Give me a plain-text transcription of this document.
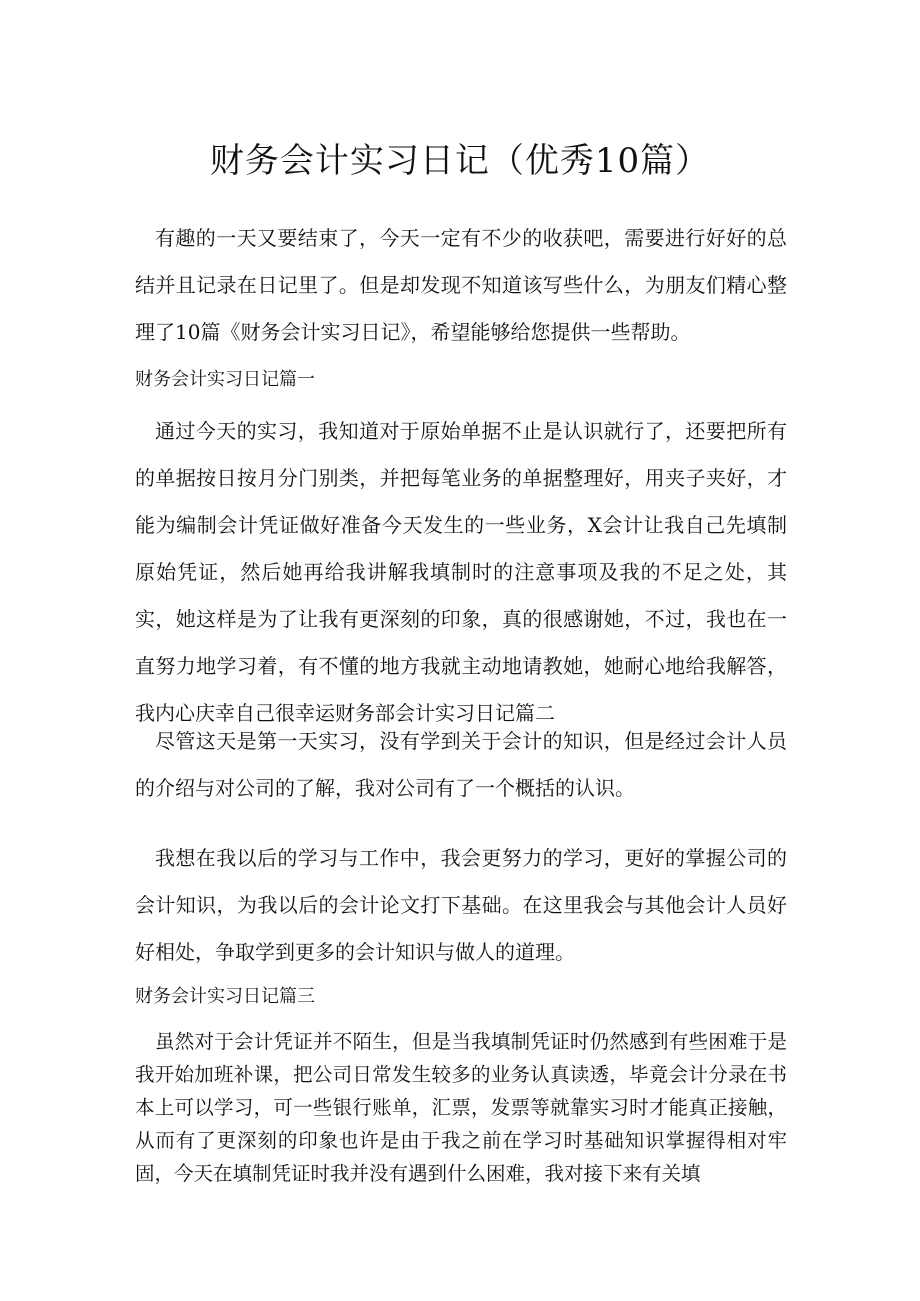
财务会计实习日记（优秀10篇）

有趣的一天又要结束了，今天一定有不少的收获吧，需要进行好好的总结并且记录在日记里了。但是却发现不知道该写些什么，为朋友们精心整理了10篇《财务会计实习日记》，希望能够给您提供一些帮助。

财务会计实习日记篇一

通过今天的实习，我知道对于原始单据不止是认识就行了，还要把所有的单据按日按月分门别类，并把每笔业务的单据整理好，用夹子夹好，才能为编制会计凭证做好准备今天发生的一些业务，X会计让我自己先填制原始凭证，然后她再给我讲解我填制时的注意事项及我的不足之处，其实，她这样是为了让我有更深刻的印象，真的很感谢她，不过，我也在一直努力地学习着，有不懂的地方我就主动地请教她，她耐心地给我解答，我内心庆幸自己很幸运财务部会计实习日记篇二

尽管这天是第一天实习，没有学到关于会计的知识，但是经过会计人员的介绍与对公司的了解，我对公司有了一个概括的认识。

我想在我以后的学习与工作中，我会更努力的学习，更好的掌握公司的会计知识，为我以后的会计论文打下基础。在这里我会与其他会计人员好好相处，争取学到更多的会计知识与做人的道理。

财务会计实习日记篇三

虽然对于会计凭证并不陌生，但是当我填制凭证时仍然感到有些困难于是我开始加班补课，把公司日常发生较多的业务认真读透，毕竟会计分录在书本上可以学习，可一些银行账单，汇票，发票等就靠实习时才能真正接触，从而有了更深刻的印象也许是由于我之前在学习时基础知识掌握得相对牢固，今天在填制凭证时我并没有遇到什么困难，我对接下来有关填
